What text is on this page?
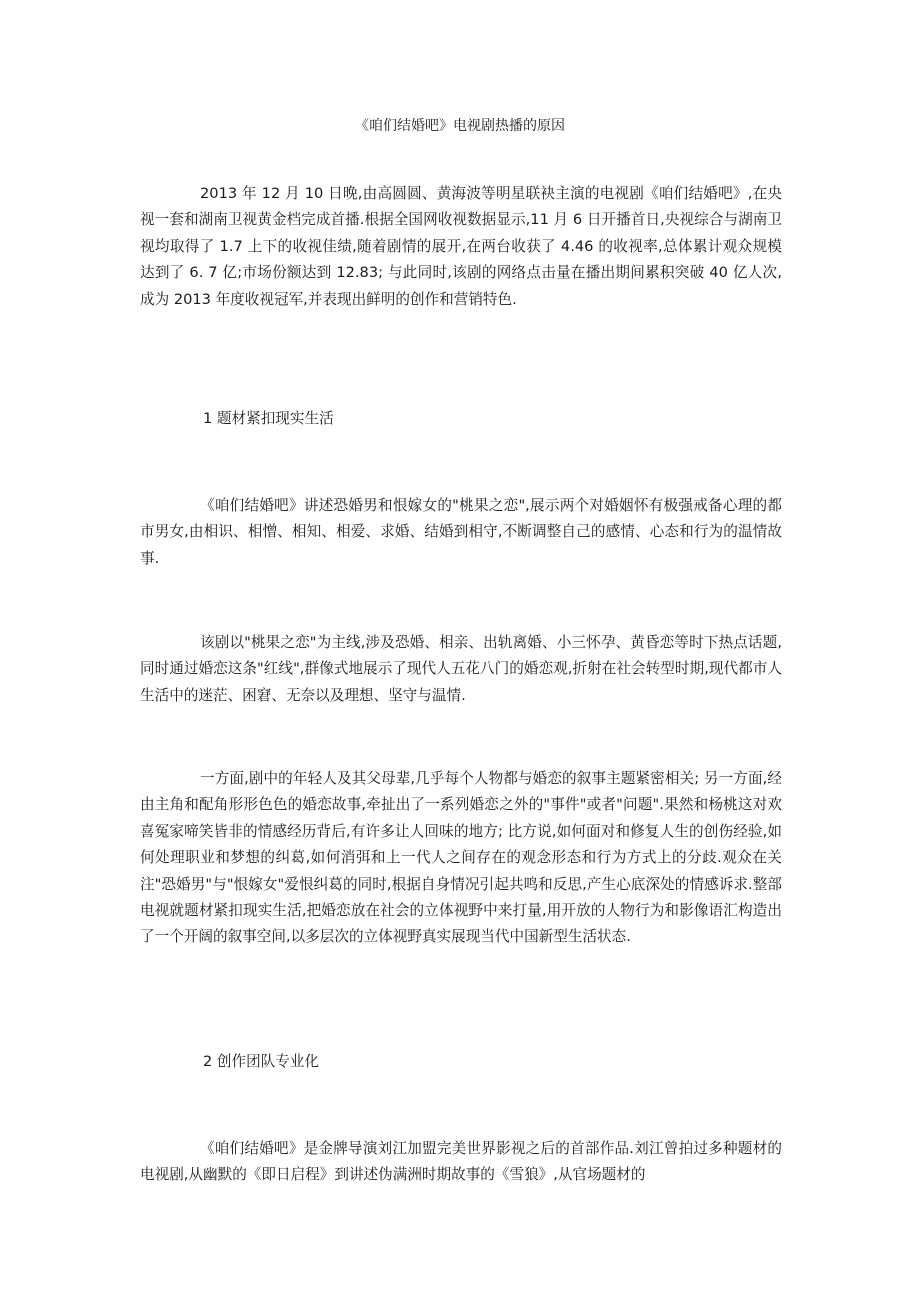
《咱们结婚吧》电视剧热播的原因
2013 年 12 月 10 日晚,由高圆圆、黄海波等明星联袂主演的电视剧《咱们结婚吧》,在央视一套和湖南卫视黄金档完成首播.根据全国网收视数据显示,11 月 6 日开播首日,央视综合与湖南卫视均取得了 1.7 上下的收视佳绩,随着剧情的展开,在两台收获了 4.46 的收视率,总体累计观众规模达到了 6. 7 亿;市场份额达到 12.83; 与此同时,该剧的网络点击量在播出期间累积突破 40 亿人次,成为 2013 年度收视冠军,并表现出鲜明的创作和营销特色.
1 题材紧扣现实生活
《咱们结婚吧》讲述恐婚男和恨嫁女的"桃果之恋",展示两个对婚姻怀有极强戒备心理的都市男女,由相识、相憎、相知、相爱、求婚、结婚到相守,不断调整自己的感情、心态和行为的温情故事.
该剧以"桃果之恋"为主线,涉及恐婚、相亲、出轨离婚、小三怀孕、黄昏恋等时下热点话题,同时通过婚恋这条"红线",群像式地展示了现代人五花八门的婚恋观,折射在社会转型时期,现代都市人生活中的迷茫、困窘、无奈以及理想、坚守与温情.
一方面,剧中的年轻人及其父母辈,几乎每个人物都与婚恋的叙事主题紧密相关; 另一方面,经由主角和配角形形色色的婚恋故事,牵扯出了一系列婚恋之外的"事件"或者"问题".果然和杨桃这对欢喜冤家啼笑皆非的情感经历背后,有许多让人回味的地方; 比方说,如何面对和修复人生的创伤经验,如何处理职业和梦想的纠葛,如何消弭和上一代人之间存在的观念形态和行为方式上的分歧.观众在关注"恐婚男"与"恨嫁女"爱恨纠葛的同时,根据自身情况引起共鸣和反思,产生心底深处的情感诉求.整部电视就题材紧扣现实生活,把婚恋放在社会的立体视野中来打量,用开放的人物行为和影像语汇构造出了一个开阔的叙事空间,以多层次的立体视野真实展现当代中国新型生活状态.
2 创作团队专业化
《咱们结婚吧》是金牌导演刘江加盟完美世界影视之后的首部作品.刘江曾拍过多种题材的电视剧,从幽默的《即日启程》到讲述伪满洲时期故事的《雪狼》,从官场题材的
